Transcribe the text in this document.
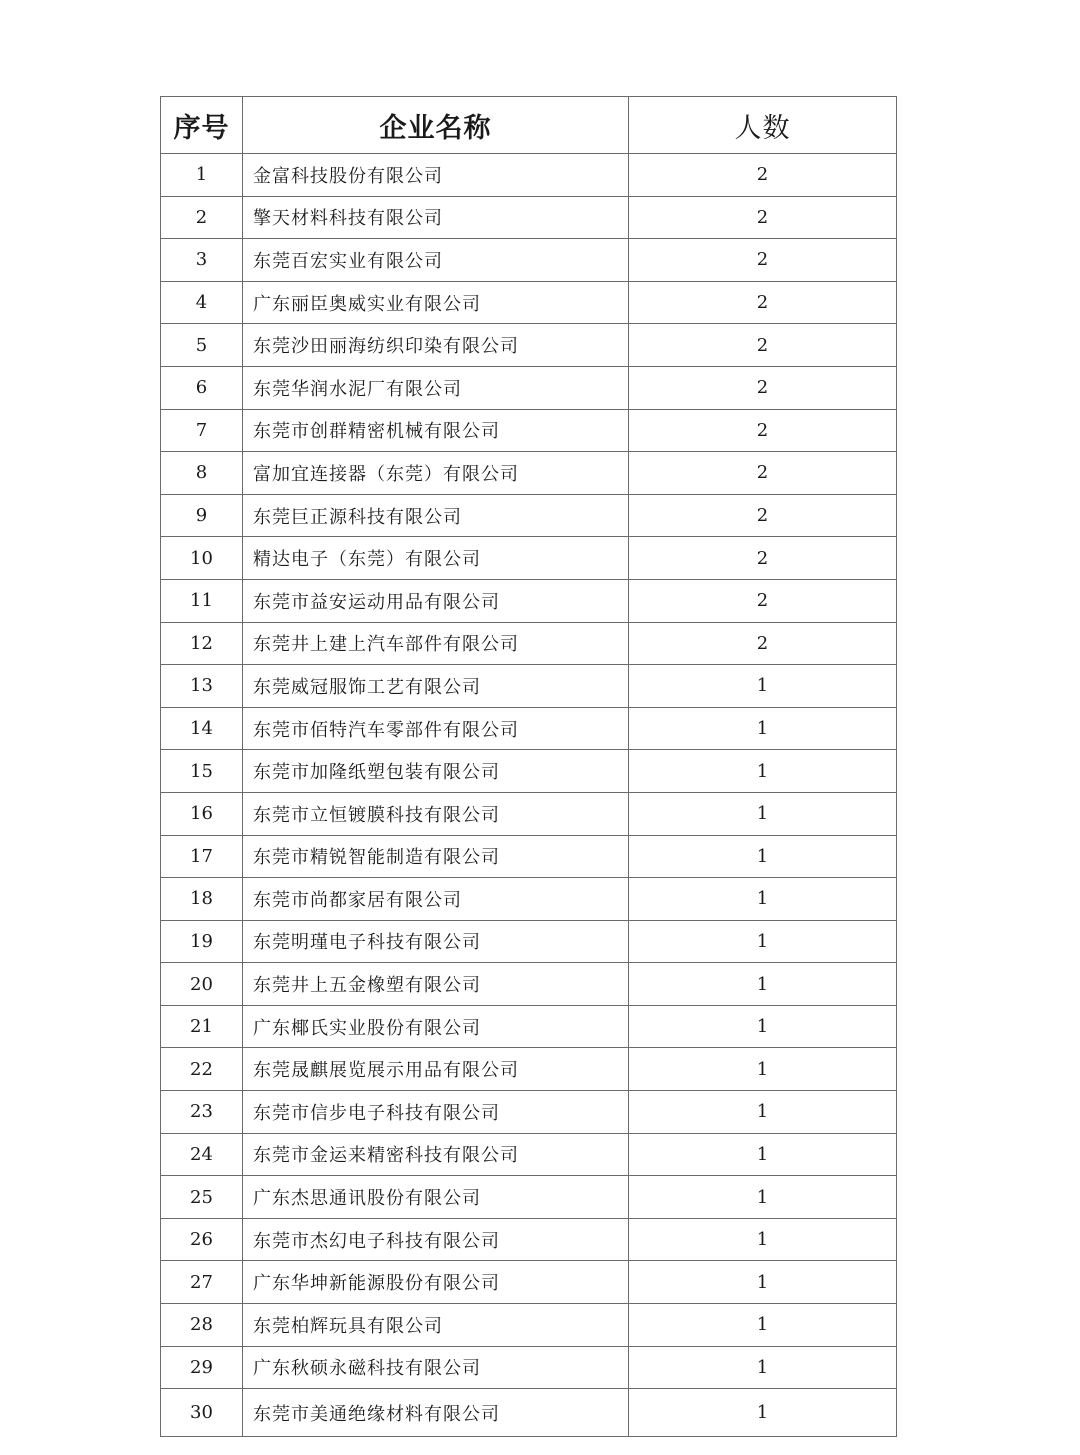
序号	企业名称	人数
1	金富科技股份有限公司	2
2	擎天材料科技有限公司	2
3	东莞百宏实业有限公司	2
4	广东丽臣奥威实业有限公司	2
5	东莞沙田丽海纺织印染有限公司	2
6	东莞华润水泥厂有限公司	2
7	东莞市创群精密机械有限公司	2
8	富加宜连接器（东莞）有限公司	2
9	东莞巨正源科技有限公司	2
10	精达电子（东莞）有限公司	2
11	东莞市益安运动用品有限公司	2
12	东莞井上建上汽车部件有限公司	2
13	东莞威冠服饰工艺有限公司	1
14	东莞市佰特汽车零部件有限公司	1
15	东莞市加隆纸塑包装有限公司	1
16	东莞市立恒镀膜科技有限公司	1
17	东莞市精锐智能制造有限公司	1
18	东莞市尚都家居有限公司	1
19	东莞明瑾电子科技有限公司	1
20	东莞井上五金橡塑有限公司	1
21	广东椰氏实业股份有限公司	1
22	东莞晟麒展览展示用品有限公司	1
23	东莞市信步电子科技有限公司	1
24	东莞市金运来精密科技有限公司	1
25	广东杰思通讯股份有限公司	1
26	东莞市杰幻电子科技有限公司	1
27	广东华坤新能源股份有限公司	1
28	东莞柏辉玩具有限公司	1
29	广东秋硕永磁科技有限公司	1
30	东莞市美通绝缘材料有限公司	1
